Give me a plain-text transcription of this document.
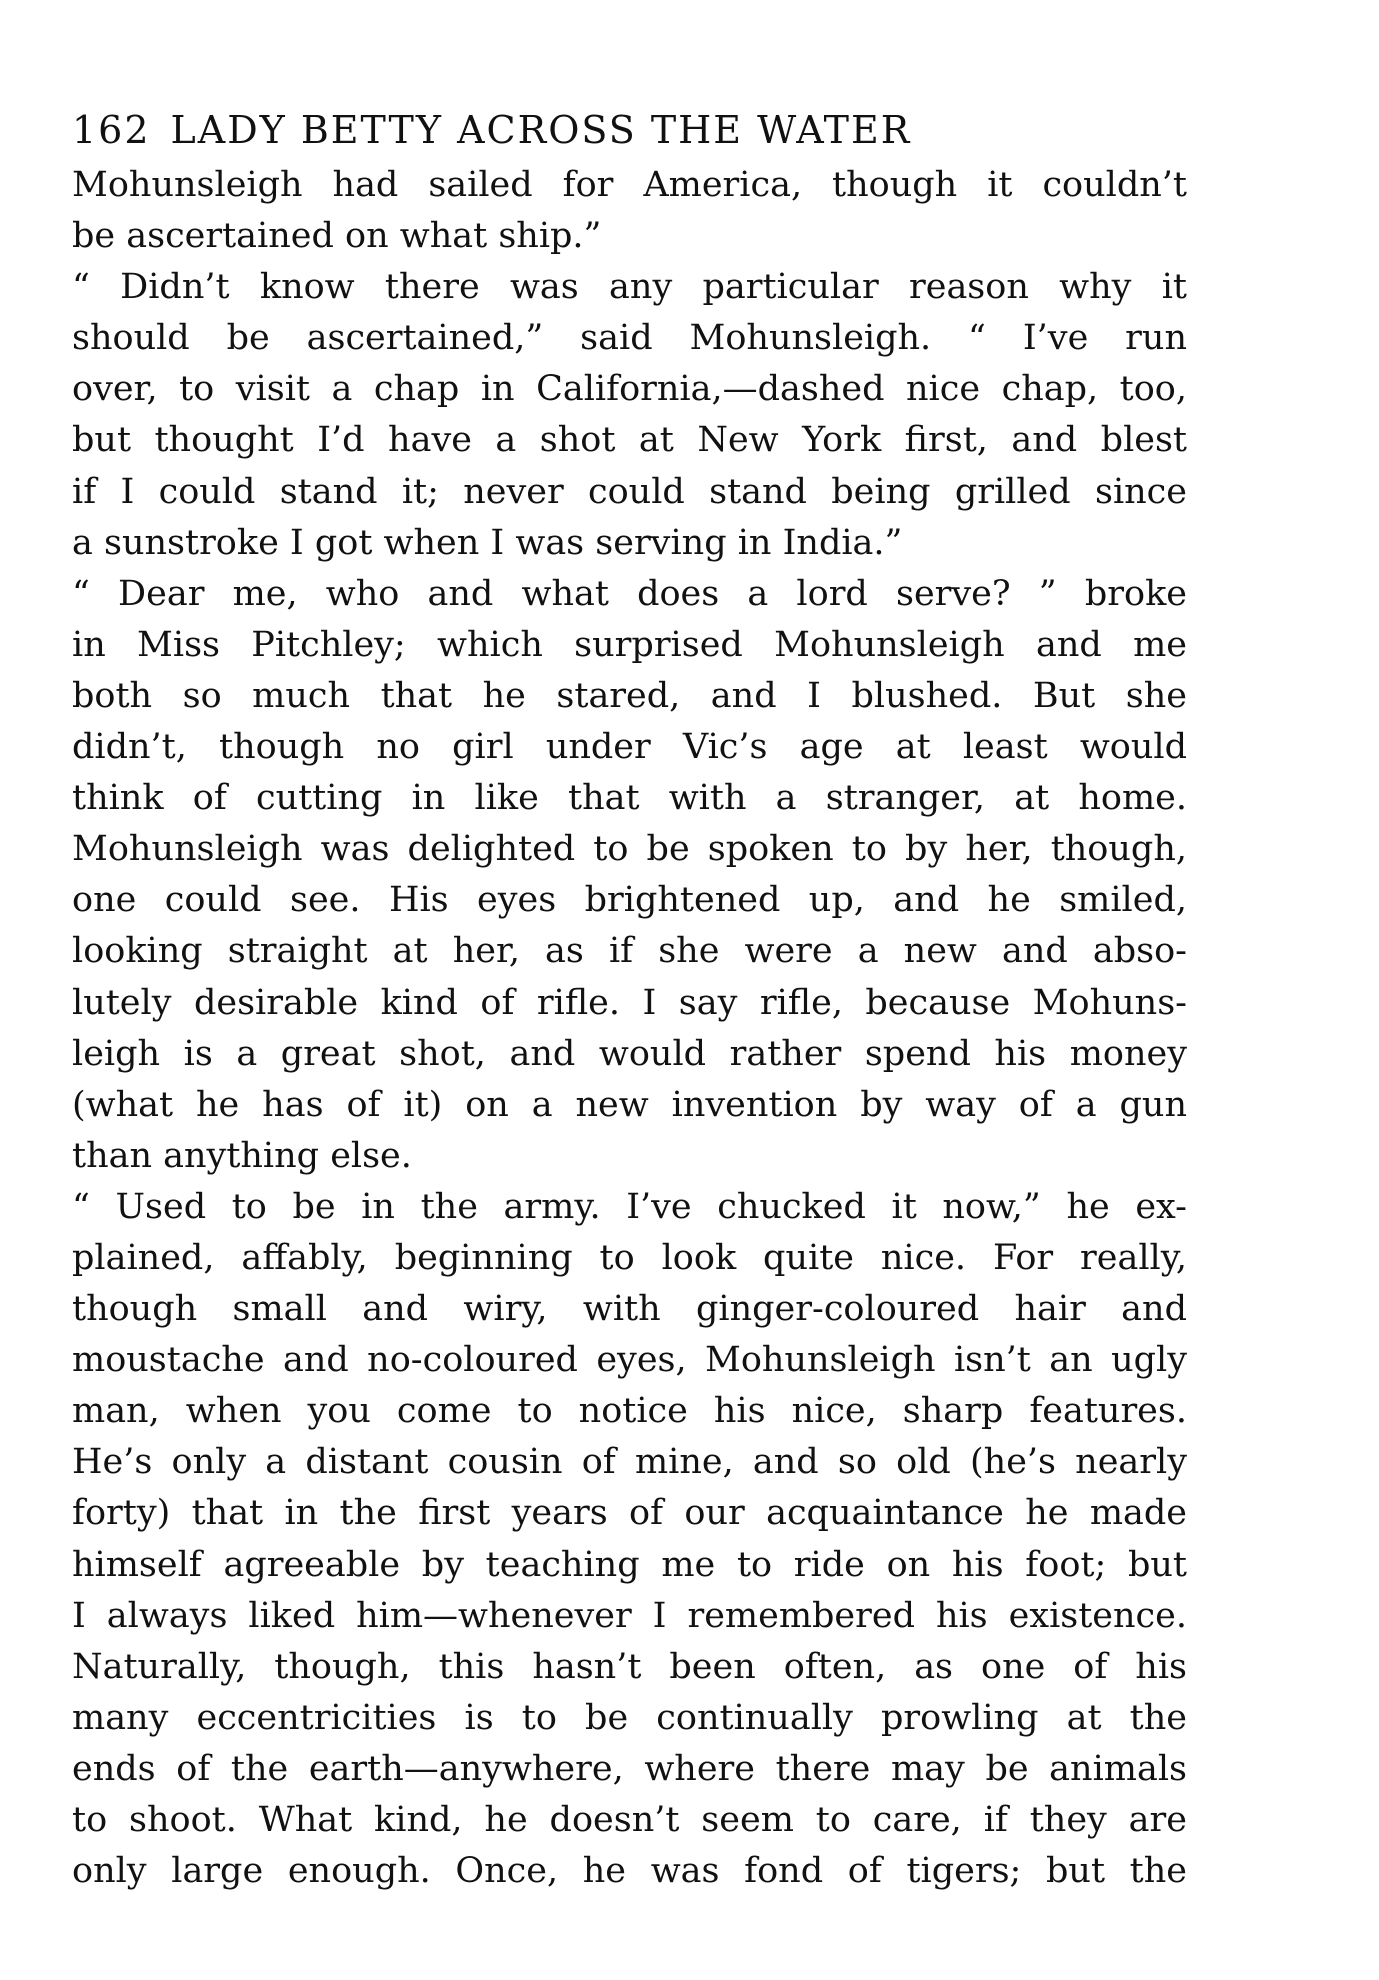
162 LADY BETTY ACROSS THE WATER
Mohunsleigh had sailed for America, though it couldn’t
be ascertained on what ship.”
“ Didn’t know there was any particular reason why it
should be ascertained,” said Mohunsleigh. “ I’ve run
over, to visit a chap in California,—dashed nice chap, too,
but thought I’d have a shot at New York first, and blest
if I could stand it; never could stand being grilled since
a sunstroke I got when I was serving in India.”
“ Dear me, who and what does a lord serve? ” broke
in Miss Pitchley; which surprised Mohunsleigh and me
both so much that he stared, and I blushed. But she
didn’t, though no girl under Vic’s age at least would
think of cutting in like that with a stranger, at home.
Mohunsleigh was delighted to be spoken to by her, though,
one could see. His eyes brightened up, and he smiled,
looking straight at her, as if she were a new and abso-
lutely desirable kind of rifle. I say rifle, because Mohuns-
leigh is a great shot, and would rather spend his money
(what he has of it) on a new invention by way of a gun
than anything else.
“ Used to be in the army. I’ve chucked it now,” he ex-
plained, affably, beginning to look quite nice. For really,
though small and wiry, with ginger-coloured hair and
moustache and no-coloured eyes, Mohunsleigh isn’t an ugly
man, when you come to notice his nice, sharp features.
He’s only a distant cousin of mine, and so old (he’s nearly
forty) that in the first years of our acquaintance he made
himself agreeable by teaching me to ride on his foot; but
I always liked him—whenever I remembered his existence.
Naturally, though, this hasn’t been often, as one of his
many eccentricities is to be continually prowling at the
ends of the earth—anywhere, where there may be animals
to shoot. What kind, he doesn’t seem to care, if they are
only large enough. Once, he was fond of tigers; but the
